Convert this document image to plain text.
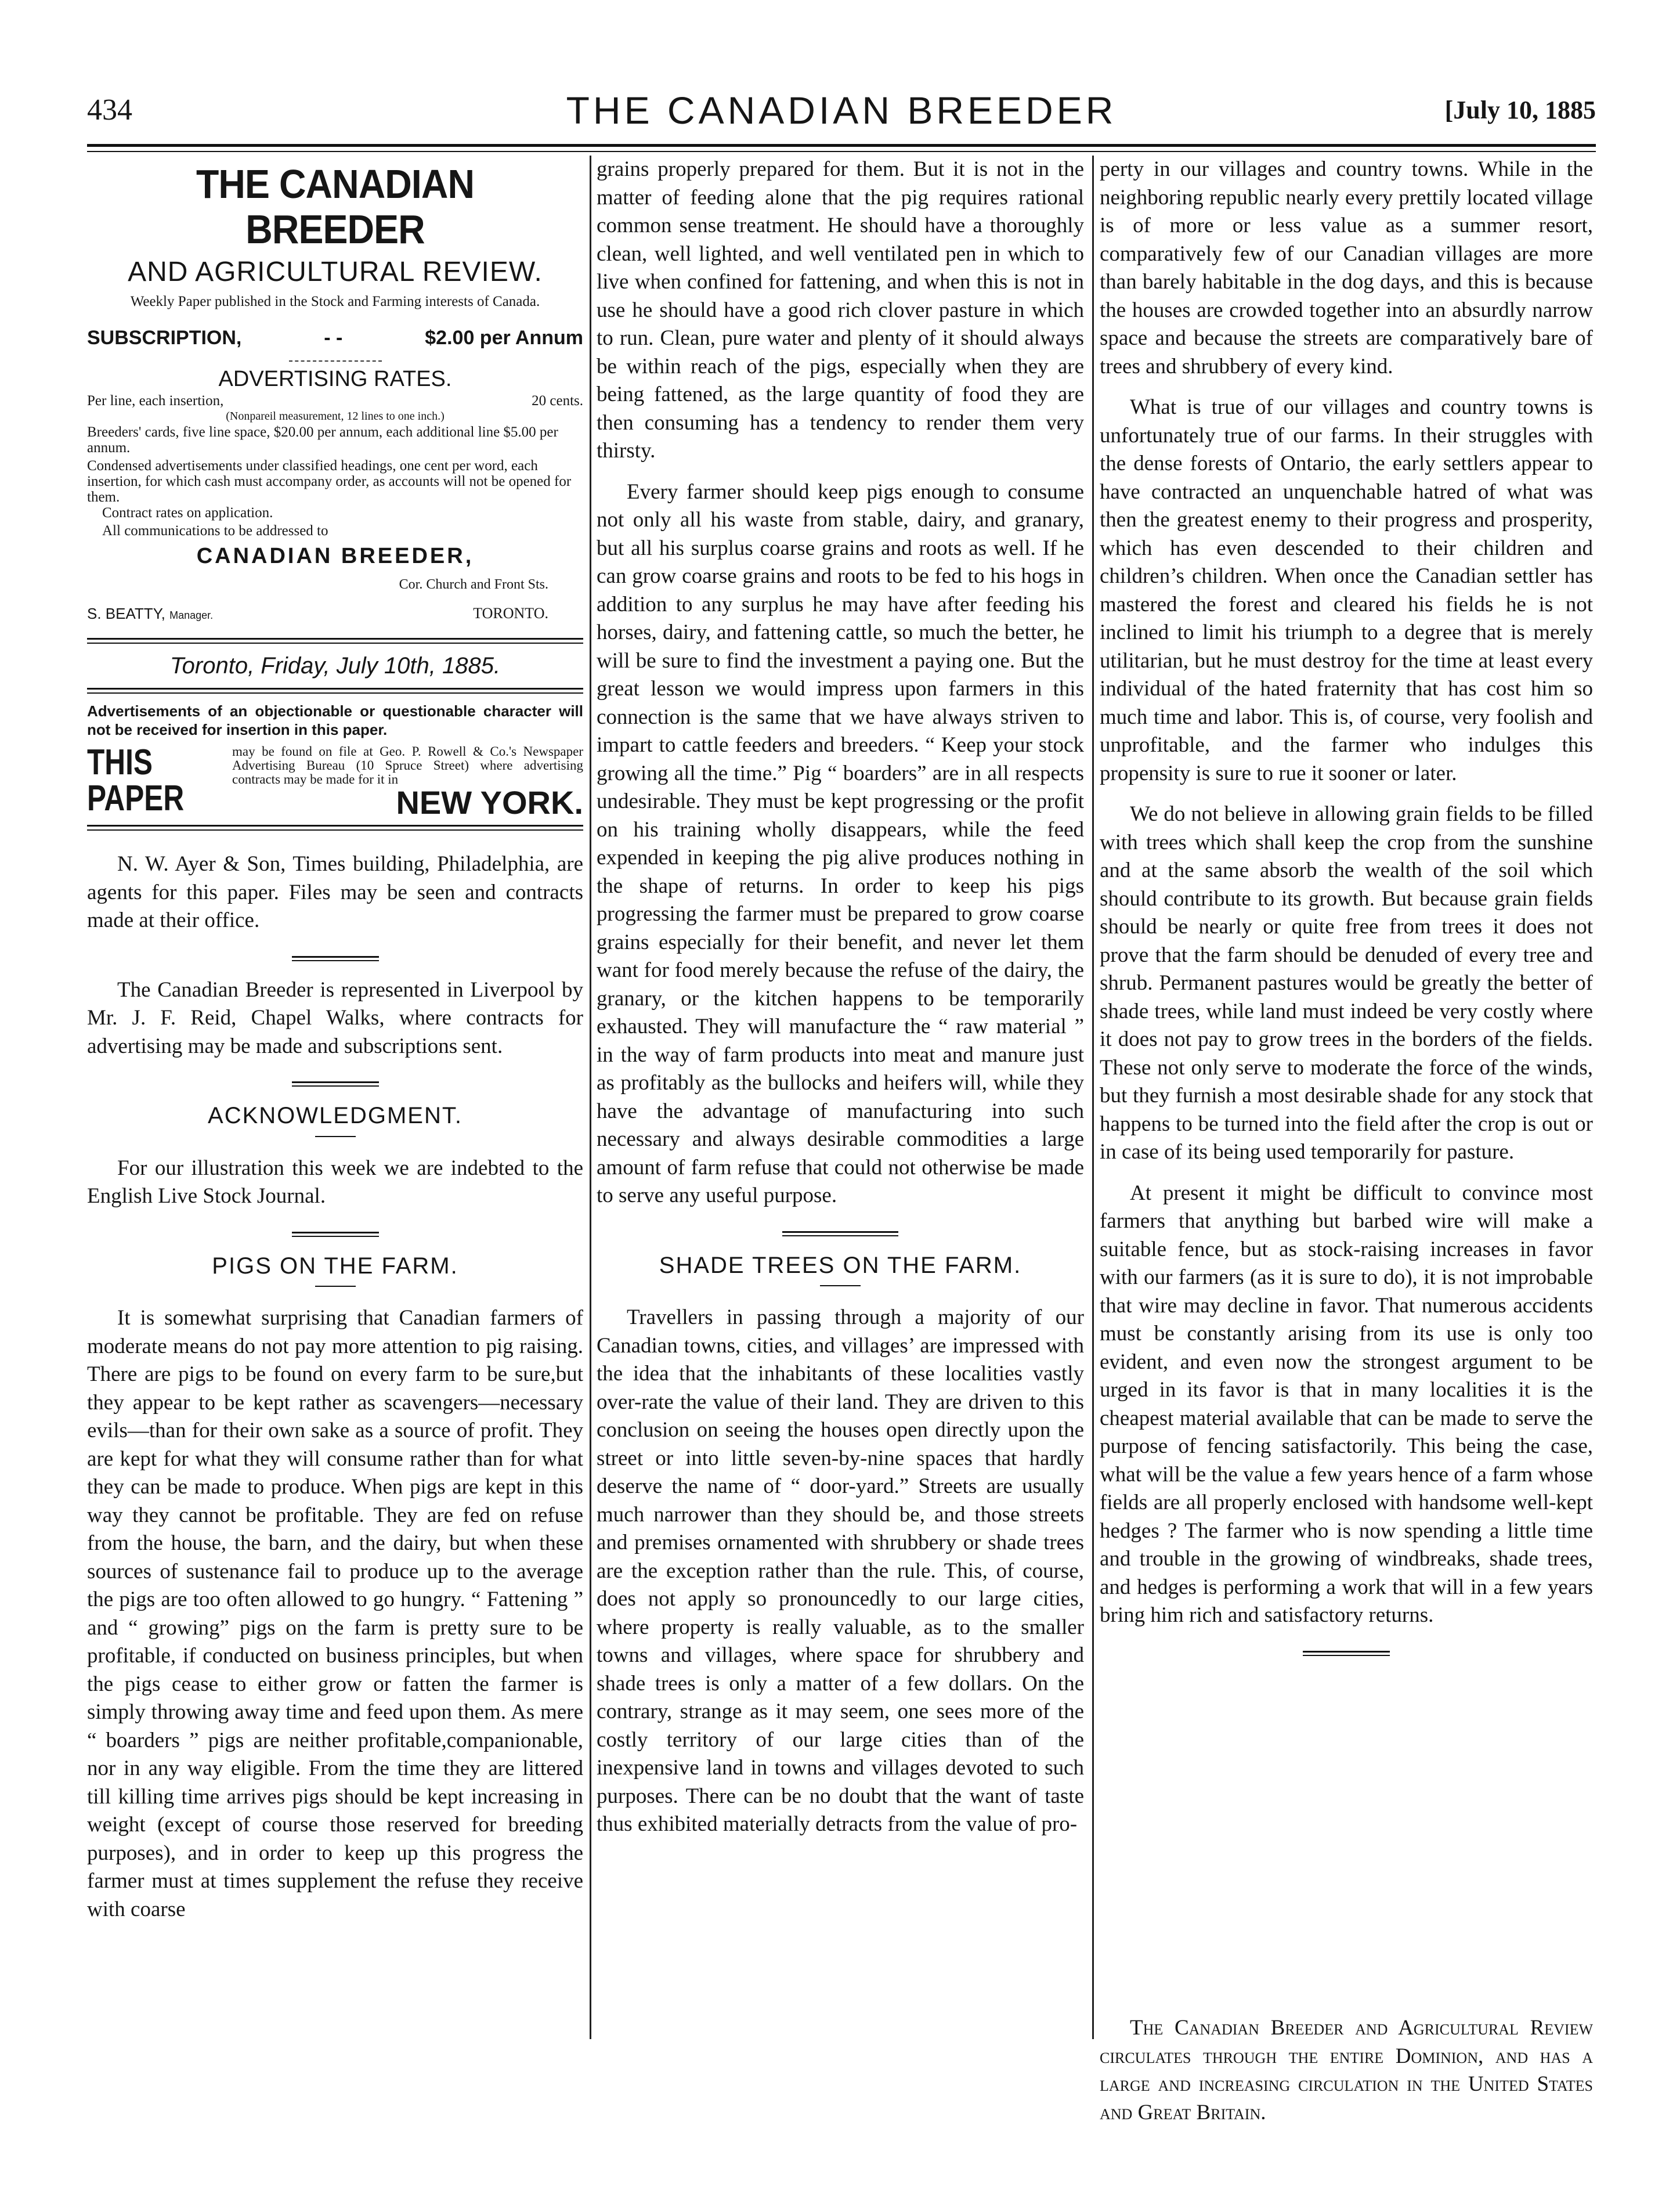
434	THE CANADIAN BREEDER	[July 10, 1885
THE CANADIAN BREEDER
AND AGRICULTURAL REVIEW.
Weekly Paper published in the Stock and Farming interests of Canada.
SUBSCRIPTION,	- -	$2.00 per Annum
ADVERTISING RATES.
Per line, each insertion,	20 cents.
(Nonpareil measurement, 12 lines to one inch.)
Breeders' cards, five line space, $20.00 per annum, each additional line $5.00 per annum.
Condensed advertisements under classified headings, one cent per word, each insertion, for which cash must accompany order, as accounts will not be opened for them.
Contract rates on application.
All communications to be addressed to
CANADIAN BREEDER,
Cor. Church and Front Sts.
S. BEATTY, Manager.	TORONTO.
Toronto, Friday, July 10th, 1885.
Advertisements of an objectionable or questionable character will not be received for insertion in this paper.
THIS PAPER
may be found on file at Geo. P. Rowell & Co.'s Newspaper Advertising Bureau (10 Spruce Street) where advertising contracts may be made for it in
NEW YORK.

N. W. Ayer & Son, Times building, Philadelphia, are agents for this paper. Files may be seen and contracts made at their office.

The Canadian Breeder is represented in Liverpool by Mr. J. F. Reid, Chapel Walks, where contracts for advertising may be made and subscriptions sent.

ACKNOWLEDGMENT.

For our illustration this week we are indebted to the English Live Stock Journal.

PIGS ON THE FARM.

It is somewhat surprising that Canadian farmers of moderate means do not pay more attention to pig raising. There are pigs to be found on every farm to be sure,but they appear to be kept rather as scavengers—necessary evils—than for their own sake as a source of profit. They are kept for what they will consume rather than for what they can be made to produce. When pigs are kept in this way they cannot be profitable. They are fed on refuse from the house, the barn, and the dairy, but when these sources of sustenance fail to produce up to the average the pigs are too often allowed to go hungry. “ Fattening ” and “ growing” pigs on the farm is pretty sure to be profitable, if conducted on business principles, but when the pigs cease to either grow or fatten the farmer is simply throwing away time and feed upon them. As mere “ boarders ” pigs are neither profitable,companionable, nor in any way eligible. From the time they are littered till killing time arrives pigs should be kept increasing in weight (except of course those reserved for breeding purposes), and in order to keep up this progress the farmer must at times supplement the refuse they receive with coarse

grains properly prepared for them. But it is not in the matter of feeding alone that the pig requires rational common sense treatment. He should have a thoroughly clean, well lighted, and well ventilated pen in which to live when confined for fattening, and when this is not in use he should have a good rich clover pasture in which to run. Clean, pure water and plenty of it should always be within reach of the pigs, especially when they are being fattened, as the large quantity of food they are then consuming has a tendency to render them very thirsty.

Every farmer should keep pigs enough to consume not only all his waste from stable, dairy, and granary, but all his surplus coarse grains and roots as well. If he can grow coarse grains and roots to be fed to his hogs in addition to any surplus he may have after feeding his horses, dairy, and fattening cattle, so much the better, he will be sure to find the investment a paying one. But the great lesson we would impress upon farmers in this connection is the same that we have always striven to impart to cattle feeders and breeders. “ Keep your stock growing all the time.” Pig “ boarders” are in all respects undesirable. They must be kept progressing or the profit on his training wholly disappears, while the feed expended in keeping the pig alive produces nothing in the shape of returns. In order to keep his pigs progressing the farmer must be prepared to grow coarse grains especially for their benefit, and never let them want for food merely because the refuse of the dairy, the granary, or the kitchen happens to be temporarily exhausted. They will manufacture the “ raw material ” in the way of farm products into meat and manure just as profitably as the bullocks and heifers will, while they have the advantage of manufacturing into such necessary and always desirable commodities a large amount of farm refuse that could not otherwise be made to serve any useful purpose.

SHADE TREES ON THE FARM.

Travellers in passing through a majority of our Canadian towns, cities, and villages’ are impressed with the idea that the inhabitants of these localities vastly over-rate the value of their land. They are driven to this conclusion on seeing the houses open directly upon the street or into little seven-by-nine spaces that hardly deserve the name of “ door-yard.” Streets are usually much narrower than they should be, and those streets and premises ornamented with shrubbery or shade trees are the exception rather than the rule. This, of course, does not apply so pronouncedly to our large cities, where property is really valuable, as to the smaller towns and villages, where space for shrubbery and shade trees is only a matter of a few dollars. On the contrary, strange as it may seem, one sees more of the costly territory of our large cities than of the inexpensive land in towns and villages devoted to such purposes. There can be no doubt that the want of taste thus exhibited materially detracts from the value of pro-

perty in our villages and country towns. While in the neighboring republic nearly every prettily located village is of more or less value as a summer resort, comparatively few of our Canadian villages are more than barely habitable in the dog days, and this is because the houses are crowded together into an absurdly narrow space and because the streets are comparatively bare of trees and shrubbery of every kind.

What is true of our villages and country towns is unfortunately true of our farms. In their struggles with the dense forests of Ontario, the early settlers appear to have contracted an unquenchable hatred of what was then the greatest enemy to their progress and prosperity, which has even descended to their children and children’s children. When once the Canadian settler has mastered the forest and cleared his fields he is not inclined to limit his triumph to a degree that is merely utilitarian, but he must destroy for the time at least every individual of the hated fraternity that has cost him so much time and labor. This is, of course, very foolish and unprofitable, and the farmer who indulges this propensity is sure to rue it sooner or later.

We do not believe in allowing grain fields to be filled with trees which shall keep the crop from the sunshine and at the same absorb the wealth of the soil which should contribute to its growth. But because grain fields should be nearly or quite free from trees it does not prove that the farm should be denuded of every tree and shrub. Permanent pastures would be greatly the better of shade trees, while land must indeed be very costly where it does not pay to grow trees in the borders of the fields. These not only serve to moderate the force of the winds, but they furnish a most desirable shade for any stock that happens to be turned into the field after the crop is out or in case of its being used temporarily for pasture.

At present it might be difficult to convince most farmers that anything but barbed wire will make a suitable fence, but as stock-raising increases in favor with our farmers (as it is sure to do), it is not improbable that wire may decline in favor. That numerous accidents must be constantly arising from its use is only too evident, and even now the strongest argument to be urged in its favor is that in many localities it is the cheapest material available that can be made to serve the purpose of fencing satisfactorily. This being the case, what will be the value a few years hence of a farm whose fields are all properly enclosed with handsome well-kept hedges ? The farmer who is now spending a little time and trouble in the growing of windbreaks, shade trees, and hedges is performing a work that will in a few years bring him rich and satisfactory returns.

The Canadian Breeder and Agricultural Review circulates through the entire Dominion, and has a large and increasing circulation in the United States and Great Britain.
